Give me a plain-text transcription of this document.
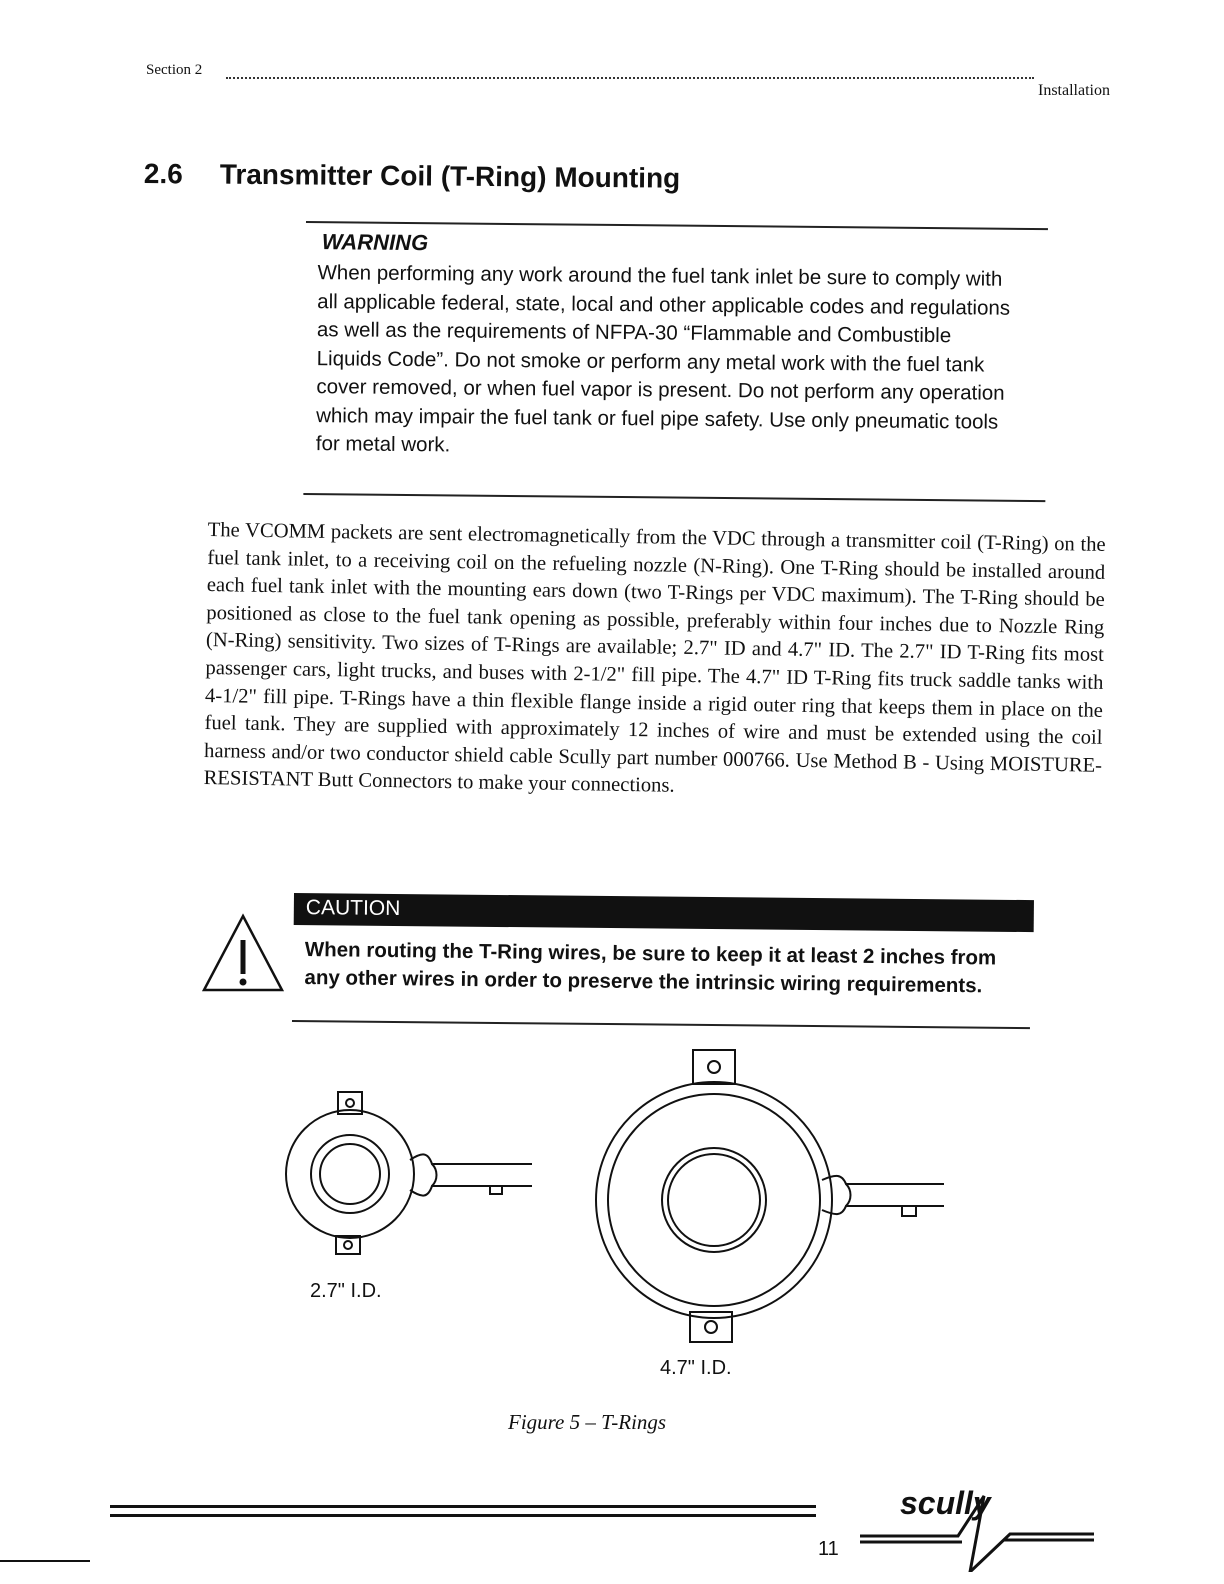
Section 2
Installation
2.6 Transmitter Coil (T-Ring) Mounting
WARNING
When performing any work around the fuel tank inlet be sure to comply with all applicable federal, state, local and other applicable codes and regulations as well as the requirements of NFPA-30 “Flammable and Combustible Liquids Code”. Do not smoke or perform any metal work with the fuel tank cover removed, or when fuel vapor is present. Do not perform any operation which may impair the fuel tank or fuel pipe safety. Use only pneumatic tools for metal work.
The VCOMM packets are sent electromagnetically from the VDC through a transmitter coil (T-Ring) on the fuel tank inlet, to a receiving coil on the refueling nozzle (N-Ring). One T-Ring should be installed around each fuel tank inlet with the mounting ears down (two T-Rings per VDC maximum). The T-Ring should be positioned as close to the fuel tank opening as possible, preferably within four inches due to Nozzle Ring (N-Ring) sensitivity. Two sizes of T-Rings are available; 2.7" ID and 4.7" ID. The 2.7" ID T-Ring fits most passenger cars, light trucks, and buses with 2-1/2" fill pipe. The 4.7" ID T-Ring fits truck saddle tanks with 4-1/2" fill pipe. T-Rings have a thin flexible flange inside a rigid outer ring that keeps them in place on the fuel tank. They are supplied with approximately 12 inches of wire and must be extended using the coil harness and/or two conductor shield cable Scully part number 000766. Use Method B - Using MOISTURE-RESISTANT Butt Connectors to make your connections.
CAUTION
When routing the T-Ring wires, be sure to keep it at least 2 inches from any other wires in order to preserve the intrinsic wiring requirements.
2.7" I.D.
4.7" I.D.
Figure 5 – T-Rings
11
scully
